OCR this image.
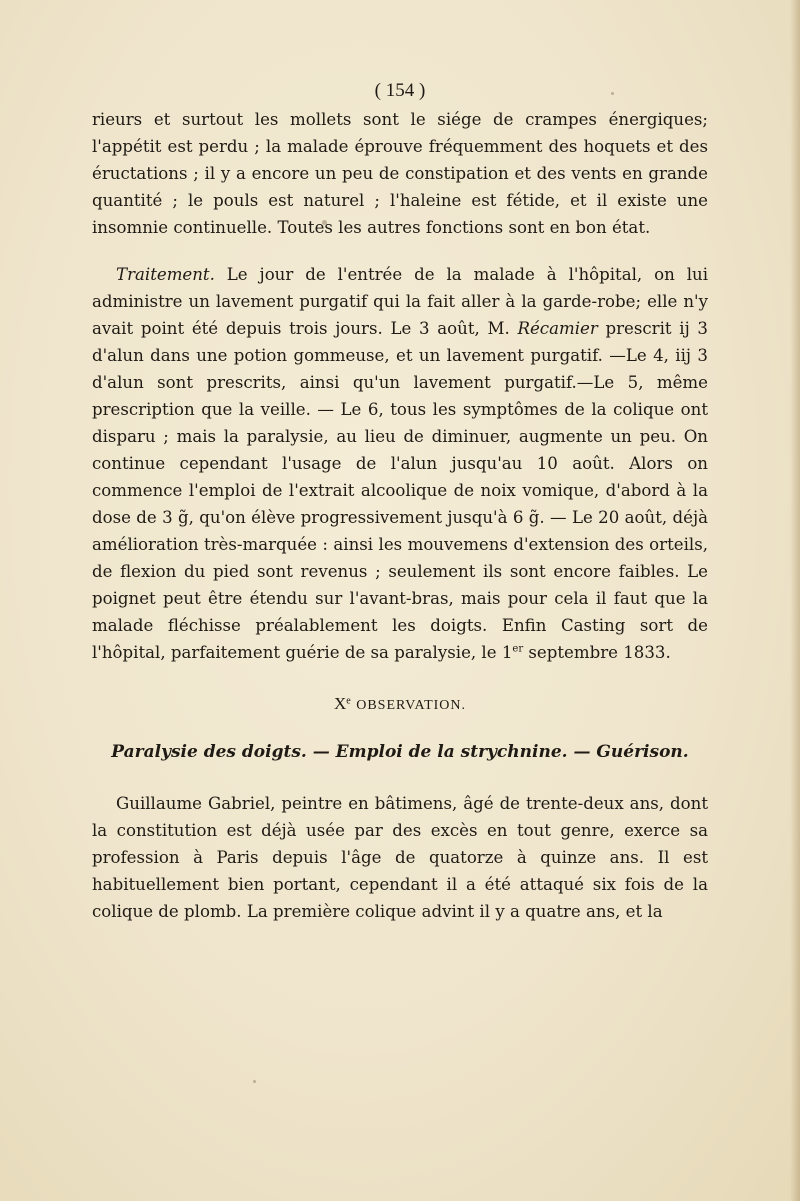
( 154 )

rieurs et surtout les mollets sont le siége de crampes énergiques; l'appétit est perdu ; la malade éprouve fréquemment des hoquets et des éructations ; il y a encore un peu de constipation et des vents en grande quantité ; le pouls est naturel ; l'haleine est fétide, et il existe une insomnie continuelle. Toutes les autres fonctions sont en bon état.

Traitement. Le jour de l'entrée de la malade à l'hôpital, on lui administre un lavement purgatif qui la fait aller à la garde-robe; elle n'y avait point été depuis trois jours. Le 3 août, M. Récamier prescrit ij 3 d'alun dans une potion gommeuse, et un lavement purgatif. —Le 4, iij 3 d'alun sont prescrits, ainsi qu'un lavement purgatif.—Le 5, même prescription que la veille. — Le 6, tous les symptômes de la colique ont disparu ; mais la paralysie, au lieu de diminuer, augmente un peu. On continue cependant l'usage de l'alun jusqu'au 10 août. Alors on commence l'emploi de l'extrait alcoolique de noix vomique, d'abord à la dose de 3 g̃, qu'on élève progressivement jusqu'à 6 g̃. — Le 20 août, déjà amélioration très-marquée : ainsi les mouvemens d'extension des orteils, de flexion du pied sont revenus ; seulement ils sont encore faibles. Le poignet peut être étendu sur l'avant-bras, mais pour cela il faut que la malade fléchisse préalablement les doigts. Enfin Casting sort de l'hôpital, parfaitement guérie de sa paralysie, le 1er septembre 1833.

Xe OBSERVATION.

Paralysie des doigts. — Emploi de la strychnine. — Guérison.

Guillaume Gabriel, peintre en bâtimens, âgé de trente-deux ans, dont la constitution est déjà usée par des excès en tout genre, exerce sa profession à Paris depuis l'âge de quatorze à quinze ans. Il est habituellement bien portant, cependant il a été attaqué six fois de la colique de plomb. La première colique advint il y a quatre ans, et la
